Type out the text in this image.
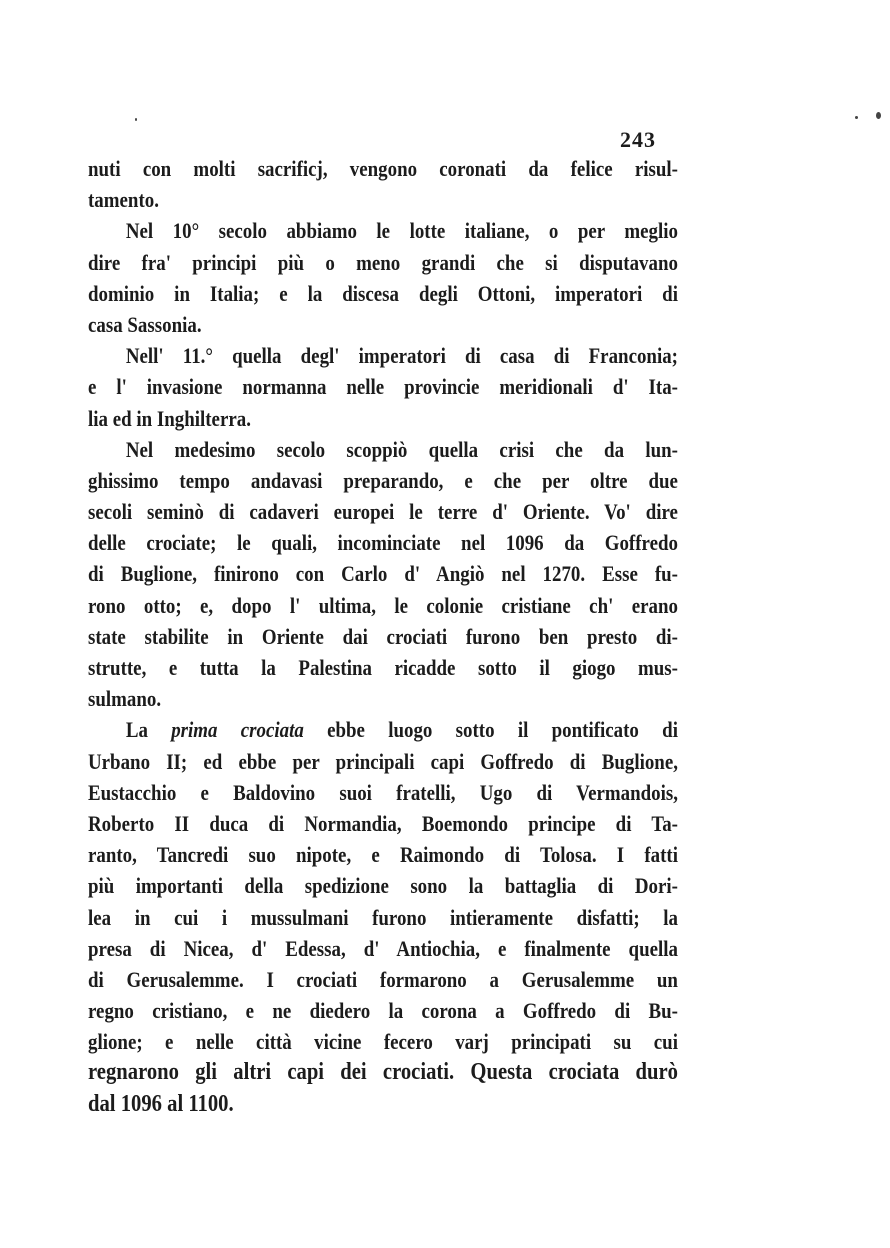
243
nuti con molti sacrificj, vengono coronati da felice risul-
tamento.
Nel 10° secolo abbiamo le lotte italiane, o per meglio
dire fra' principi più o meno grandi che si disputavano
dominio in Italia; e la discesa degli Ottoni, imperatori di
casa Sassonia.
Nell' 11.° quella degl' imperatori di casa di Franconia;
e l' invasione normanna nelle provincie meridionali d' Ita-
lia ed in Inghilterra.
Nel medesimo secolo scoppiò quella crisi che da lun-
ghissimo tempo andavasi preparando, e che per oltre due
secoli seminò di cadaveri europei le terre d' Oriente. Vo' dire
delle crociate; le quali, incominciate nel 1096 da Goffredo
di Buglione, finirono con Carlo d' Angiò nel 1270. Esse fu-
rono otto; e, dopo l' ultima, le colonie cristiane ch' erano
state stabilite in Oriente dai crociati furono ben presto di-
strutte, e tutta la Palestina ricadde sotto il giogo mus-
sulmano.
La prima crociata ebbe luogo sotto il pontificato di
Urbano II; ed ebbe per principali capi Goffredo di Buglione,
Eustacchio e Baldovino suoi fratelli, Ugo di Vermandois,
Roberto II duca di Normandia, Boemondo principe di Ta-
ranto, Tancredi suo nipote, e Raimondo di Tolosa. I fatti
più importanti della spedizione sono la battaglia di Dori-
lea in cui i mussulmani furono intieramente disfatti; la
presa di Nicea, d' Edessa, d' Antiochia, e finalmente quella
di Gerusalemme. I crociati formarono a Gerusalemme un
regno cristiano, e ne diedero la corona a Goffredo di Bu-
glione; e nelle città vicine fecero varj principati su cui
regnarono gli altri capi dei crociati. Questa crociata durò
dal 1096 al 1100.
